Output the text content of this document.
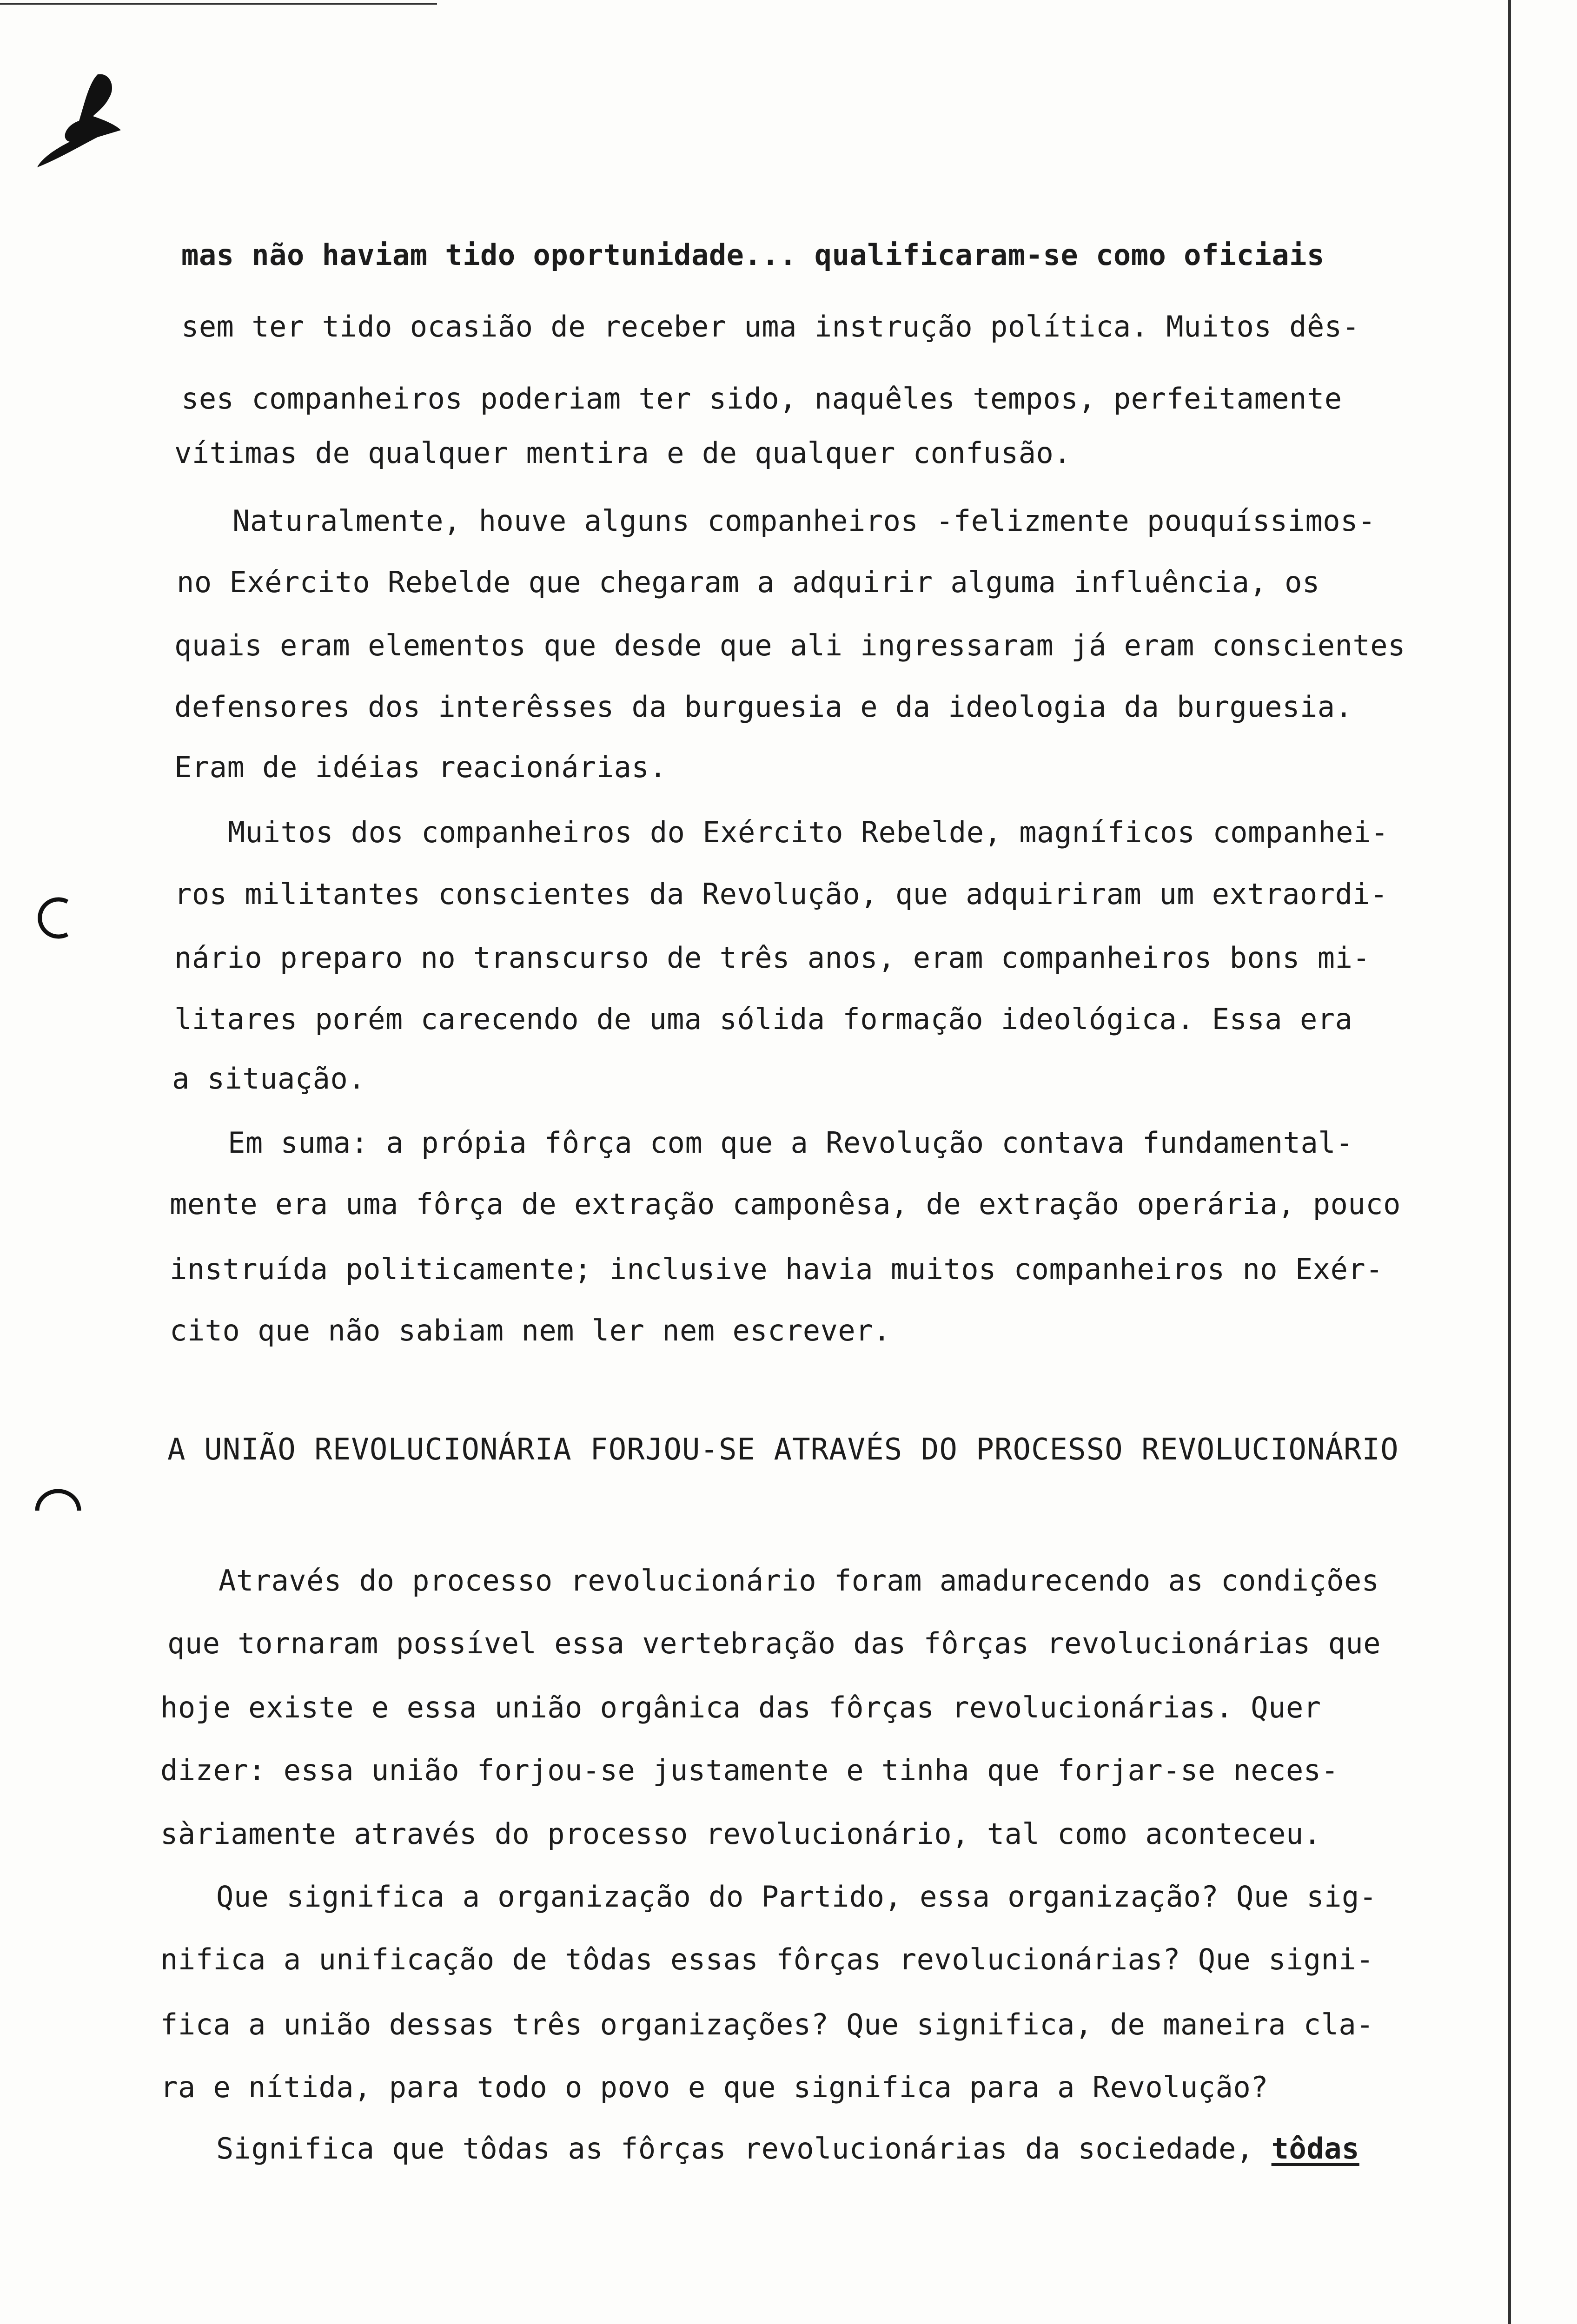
mas não haviam tido oportunidade... qualificaram-se como oficiais
sem ter tido ocasião de receber uma instrução política. Muitos dês-
ses companheiros poderiam ter sido, naquêles tempos, perfeitamente
vítimas de qualquer mentira e de qualquer confusão.
Naturalmente, houve alguns companheiros -felizmente pouquíssimos-
no Exército Rebelde que chegaram a adquirir alguma influência, os
quais eram elementos que desde que ali ingressaram já eram conscientes
defensores dos interêsses da burguesia e da ideologia da burguesia.
Eram de idéias reacionárias.
Muitos dos companheiros do Exército Rebelde, magníficos companhei-
ros militantes conscientes da Revolução, que adquiriram um extraordi-
nário preparo no transcurso de três anos, eram companheiros bons mi-
litares porém carecendo de uma sólida formação ideológica. Essa era
a situação.
Em suma: a própia fôrça com que a Revolução contava fundamental-
mente era uma fôrça de extração camponêsa, de extração operária, pouco
instruída politicamente; inclusive havia muitos companheiros no Exér-
cito que não sabiam nem ler nem escrever.
A UNIÃO REVOLUCIONÁRIA FORJOU-SE ATRAVÉS DO PROCESSO REVOLUCIONÁRIO
Através do processo revolucionário foram amadurecendo as condições
que tornaram possível essa vertebração das fôrças revolucionárias que
hoje existe e essa união orgânica das fôrças revolucionárias. Quer
dizer: essa união forjou-se justamente e tinha que forjar-se neces-
sàriamente através do processo revolucionário, tal como aconteceu.
Que significa a organização do Partido, essa organização? Que sig-
nifica a unificação de tôdas essas fôrças revolucionárias? Que signi-
fica a união dessas três organizações? Que significa, de maneira cla-
ra e nítida, para todo o povo e que significa para a Revolução?
Significa que tôdas as fôrças revolucionárias da sociedade, tôdas
